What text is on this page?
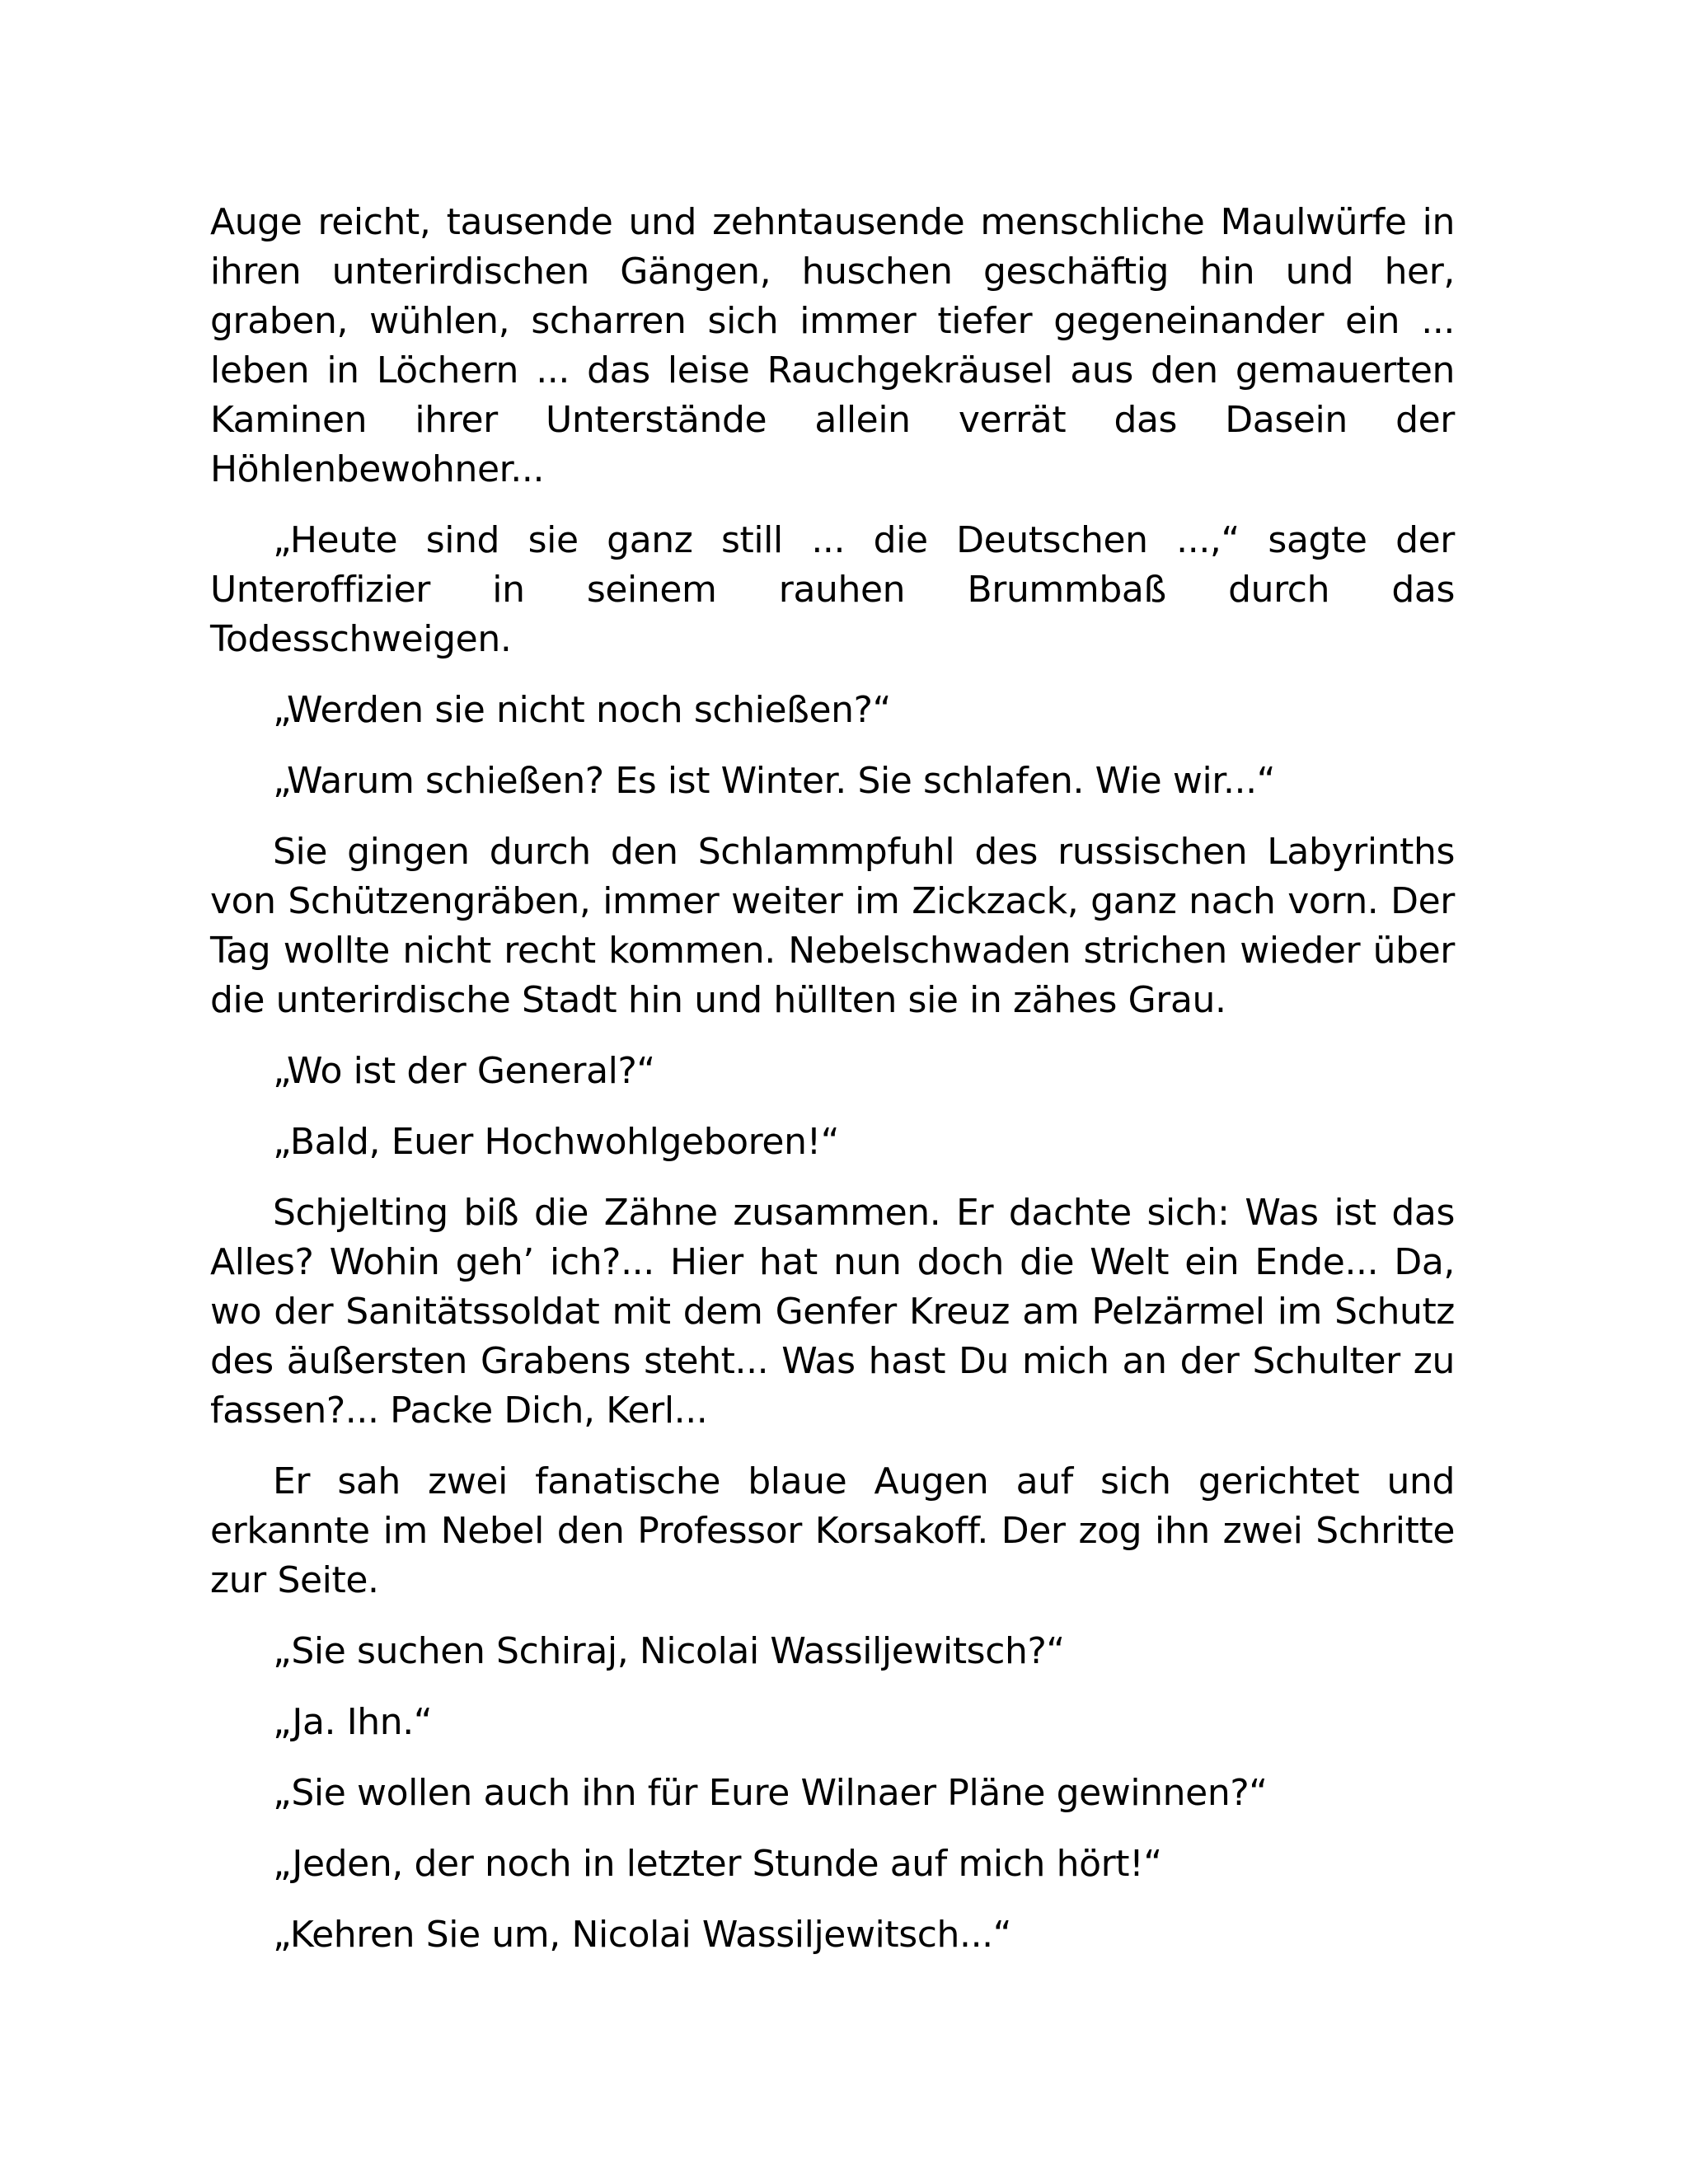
Auge reicht, tausende und zehntausende menschliche Maulwürfe in ihren unterirdischen Gängen, huschen geschäftig hin und her, graben, wühlen, scharren sich immer tiefer gegeneinander ein ... leben in Löchern ... das leise Rauchgekräusel aus den gemauerten Kaminen ihrer Unterstände allein verrät das Dasein der Höhlenbewohner...

„Heute sind sie ganz still ... die Deutschen ...,“ sagte der Unteroffizier in seinem rauhen Brummbaß durch das Todesschweigen.

„Werden sie nicht noch schießen?“

„Warum schießen? Es ist Winter. Sie schlafen. Wie wir...“

Sie gingen durch den Schlammpfuhl des russischen Labyrinths von Schützengräben, immer weiter im Zickzack, ganz nach vorn. Der Tag wollte nicht recht kommen. Nebelschwaden strichen wieder über die unterirdische Stadt hin und hüllten sie in zähes Grau.

„Wo ist der General?“

„Bald, Euer Hochwohlgeboren!“

Schjelting biß die Zähne zusammen. Er dachte sich: Was ist das Alles? Wohin geh’ ich?... Hier hat nun doch die Welt ein Ende... Da, wo der Sanitätssoldat mit dem Genfer Kreuz am Pelzärmel im Schutz des äußersten Grabens steht... Was hast Du mich an der Schulter zu fassen?... Packe Dich, Kerl...

Er sah zwei fanatische blaue Augen auf sich gerichtet und erkannte im Nebel den Professor Korsakoff. Der zog ihn zwei Schritte zur Seite.

„Sie suchen Schiraj, Nicolai Wassiljewitsch?“

„Ja. Ihn.“

„Sie wollen auch ihn für Eure Wilnaer Pläne gewinnen?“

„Jeden, der noch in letzter Stunde auf mich hört!“

„Kehren Sie um, Nicolai Wassiljewitsch...“
